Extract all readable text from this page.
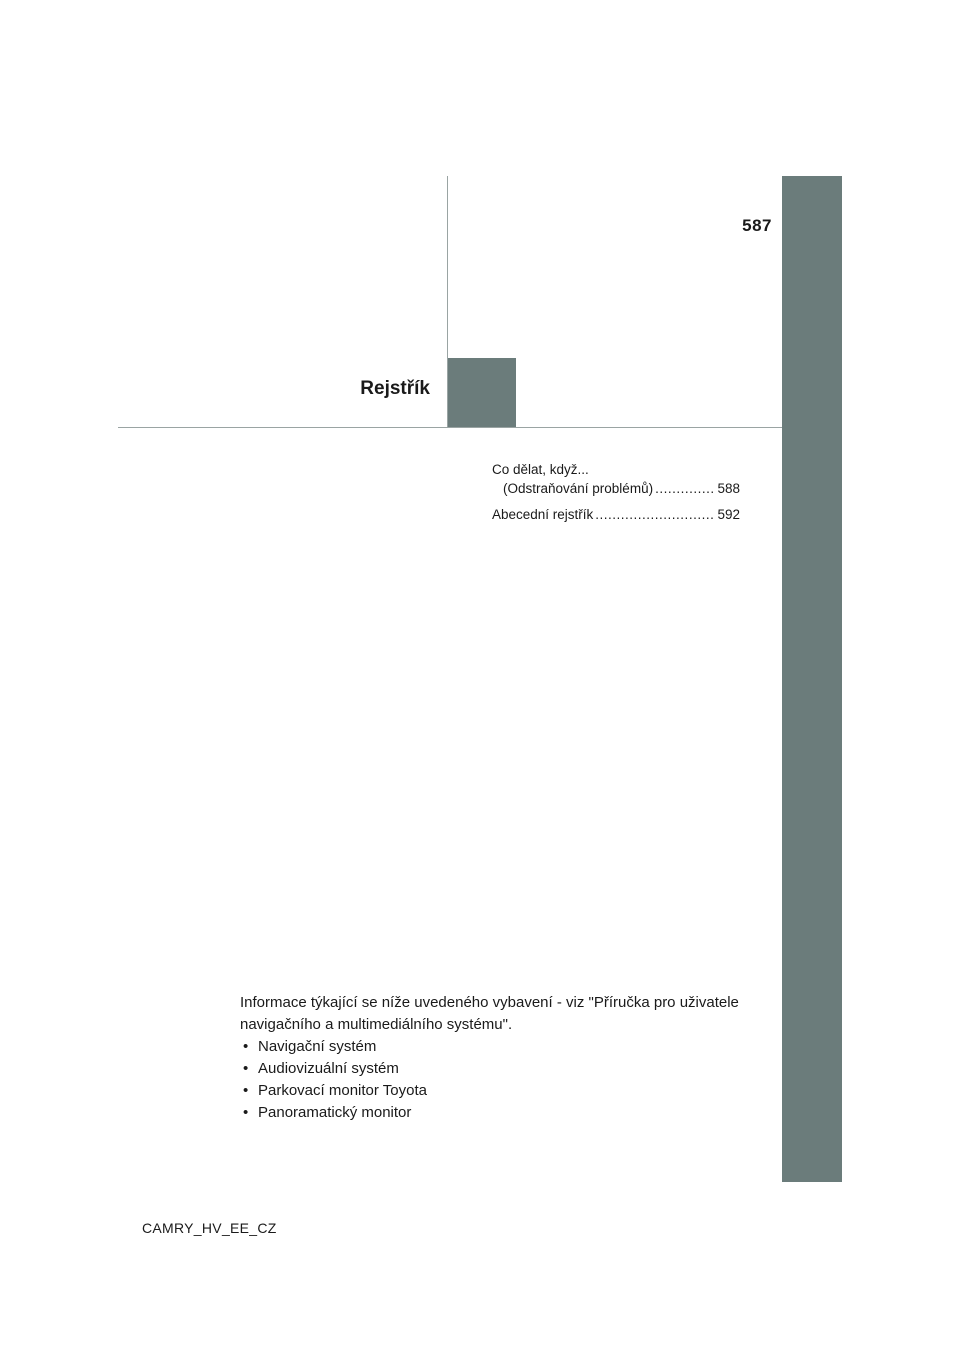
587
Rejstřík
Co dělat, když...
(Odstraňování problémů) .....	588
Abecední rejstřík .....	592

Informace týkající se níže uvedeného vybavení - viz "Příručka pro uživatele navigačního a multimediálního systému".

• Navigační systém
• Audiovizuální systém
• Parkovací monitor Toyota
• Panoramatický monitor
CAMRY_HV_EE_CZ
